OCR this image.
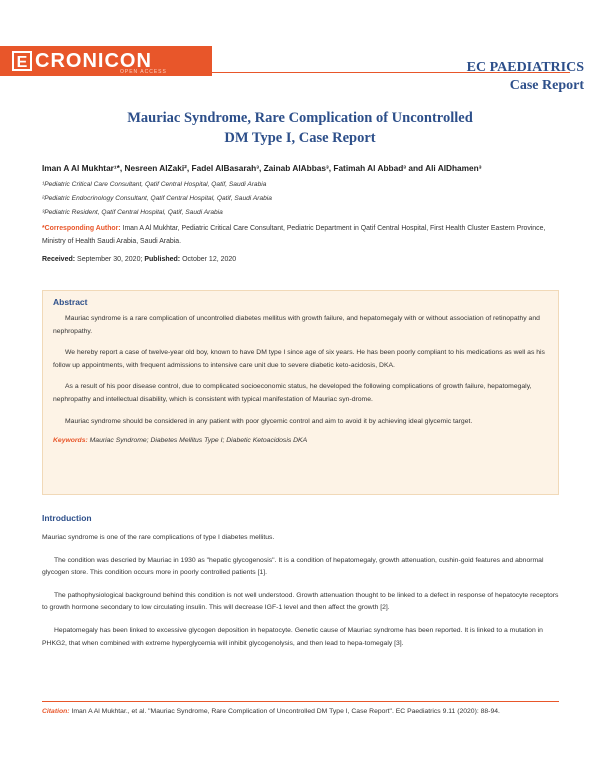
E CRONICON
OPEN ACCESS	EC PAEDIATRICS
Case Report
Mauriac Syndrome, Rare Complication of Uncontrolled
DM Type I, Case Report
Iman A Al Mukhtar¹*, Nesreen AlZaki², Fadel AlBasarah³, Zainab AlAbbas³, Fatimah Al Abbad³ and Ali AlDhamen³
¹Pediatric Critical Care Consultant, Qatif Central Hospital, Qatif, Saudi Arabia
²Pediatric Endocrinology Consultant, Qatif Central Hospital, Qatif, Saudi Arabia
³Pediatric Resident, Qatif Central Hospital, Qatif, Saudi Arabia
*Corresponding Author: Iman A Al Mukhtar, Pediatric Critical Care Consultant, Pediatric Department in Qatif Central Hospital, First Health Cluster Eastern Province, Ministry of Health Saudi Arabia, Saudi Arabia.
Received: September 30, 2020; Published: October 12, 2020
Abstract

Mauriac syndrome is a rare complication of uncontrolled diabetes mellitus with growth failure, and hepatomegaly with or without association of retinopathy and nephropathy.

We hereby report a case of twelve-year old boy, known to have DM type I since age of six years. He has been poorly compliant to his medications as well as his follow up appointments, with frequent admissions to intensive care unit due to severe diabetic keto-acidosis, DKA.

As a result of his poor disease control, due to complicated socioeconomic status, he developed the following complications of growth failure, hepatomegaly, nephropathy and intellectual disability, which is consistent with typical manifestation of Mauriac syn-drome.

Mauriac syndrome should be considered in any patient with poor glycemic control and aim to avoid it by achieving ideal glycemic target.

Keywords: Mauriac Syndrome; Diabetes Mellitus Type I; Diabetic Ketoacidosis DKA
Introduction

Mauriac syndrome is one of the rare complications of type I diabetes mellitus.

The condition was descried by Mauriac in 1930 as "hepatic glycogenosis". It is a condition of hepatomegaly, growth attenuation, cushin-goid features and abnormal glycogen store. This condition occurs more in poorly controlled patients [1].

The pathophysiological background behind this condition is not well understood. Growth attenuation thought to be linked to a defect in response of hepatocyte receptors to growth hormone secondary to low circulating insulin. This will decrease IGF-1 level and then affect the growth [2].

Hepatomegaly has been linked to excessive glycogen deposition in hepatocyte. Genetic cause of Mauriac syndrome has been reported. It is linked to a mutation in PHKG2, that when combined with extreme hyperglycemia will inhibit glycogenolysis, and then lead to hepa-tomegaly [3].

Citation: Iman A Al Mukhtar., et al. "Mauriac Syndrome, Rare Complication of Uncontrolled DM Type I, Case Report". EC Paediatrics 9.11 (2020): 88-94.
